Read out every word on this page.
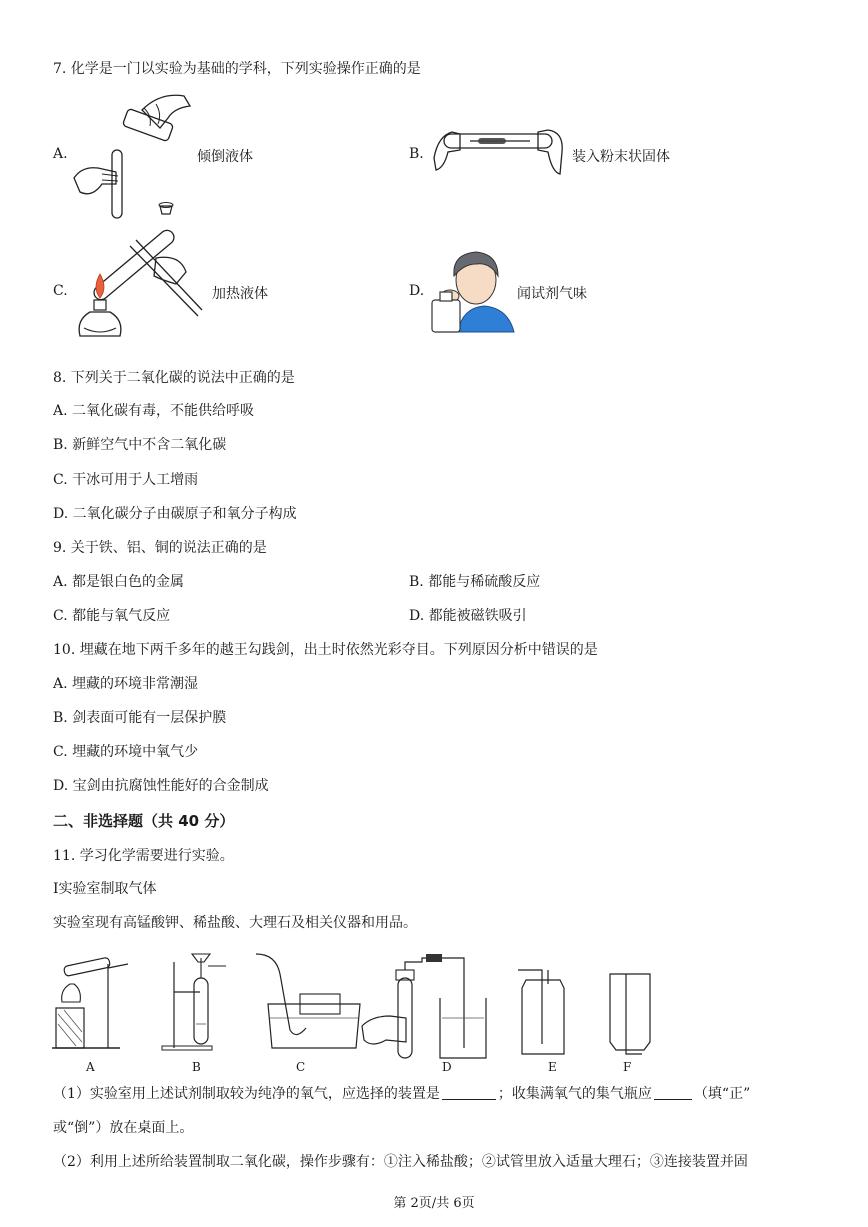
7. 化学是一门以实验为基础的学科，下列实验操作正确的是
A.	倾倒液体	B.	装入粉末状固体
C.	加热液体	D.	闻试剂气味
8. 下列关于二氧化碳的说法中正确的是
A. 二氧化碳有毒，不能供给呼吸
B. 新鲜空气中不含二氧化碳
C. 干冰可用于人工增雨
D. 二氧化碳分子由碳原子和氧分子构成
9. 关于铁、铝、铜的说法正确的是
A. 都是银白色的金属	B. 都能与稀硫酸反应
C. 都能与氧气反应	D. 都能被磁铁吸引
10. 埋藏在地下两千多年的越王勾践剑，出土时依然光彩夺目。下列原因分析中错误的是
A. 埋藏的环境非常潮湿
B. 剑表面可能有一层保护膜
C. 埋藏的环境中氧气少
D. 宝剑由抗腐蚀性能好的合金制成
二、非选择题（共 40 分）
11. 学习化学需要进行实验。
Ⅰ实验室制取气体
实验室现有高锰酸钾、稀盐酸、大理石及相关仪器和用品。
A	B	C	D	E	F
（1）实验室用上述试剂制取较为纯净的氧气，应选择的装置是	；收集满氧气的集气瓶应	（填“正”
或“倒”）放在桌面上。
（2）利用上述所给装置制取二氧化碳，操作步骤有：①注入稀盐酸；②试管里放入适量大理石；③连接装置并固
第 2页/共 6页
